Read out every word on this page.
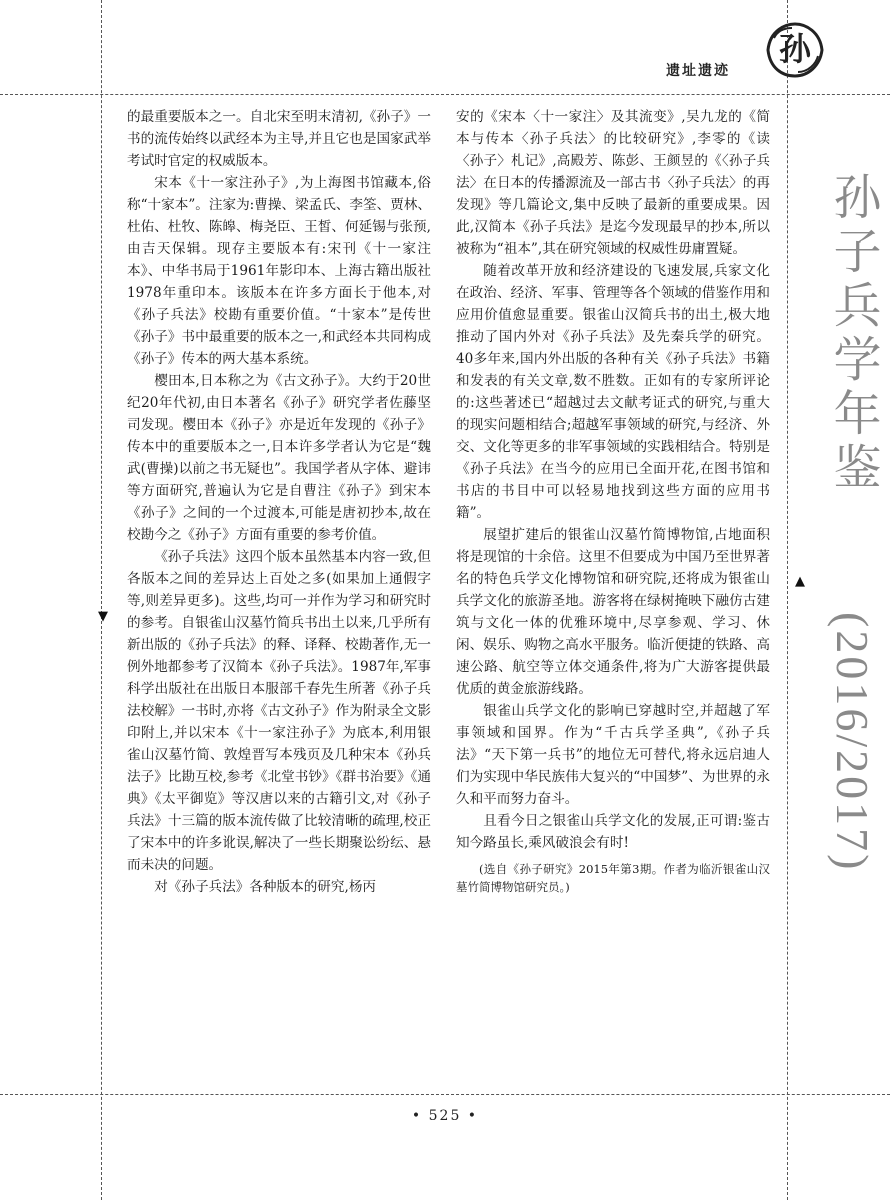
▼
▲
孙
遗址遗迹
孙子兵学年鉴
(2016/2017)

的最重要版本之一。自北宋至明末清初,《孙子》一书的流传始终以武经本为主导,并且它也是国家武举考试时官定的权威版本。

宋本《十一家注孙子》,为上海图书馆藏本,俗称“十家本”。注家为:曹操、梁孟氏、李筌、贾林、杜佑、杜牧、陈皞、梅尧臣、王皙、何延锡与张预,由吉天保辑。现存主要版本有:宋刊《十一家注本》、中华书局于1961年影印本、上海古籍出版社1978年重印本。该版本在许多方面长于他本,对《孙子兵法》校勘有重要价值。“十家本”是传世《孙子》书中最重要的版本之一,和武经本共同构成《孙子》传本的两大基本系统。

樱田本,日本称之为《古文孙子》。大约于20世纪20年代初,由日本著名《孙子》研究学者佐藤坚司发现。樱田本《孙子》亦是近年发现的《孙子》传本中的重要版本之一,日本许多学者认为它是“魏武(曹操)以前之书无疑也”。我国学者从字体、避讳等方面研究,普遍认为它是自曹注《孙子》到宋本《孙子》之间的一个过渡本,可能是唐初抄本,故在校勘今之《孙子》方面有重要的参考价值。

《孙子兵法》这四个版本虽然基本内容一致,但各版本之间的差异达上百处之多(如果加上通假字等,则差异更多)。这些,均可一并作为学习和研究时的参考。自银雀山汉墓竹简兵书出土以来,几乎所有新出版的《孙子兵法》的释、译释、校勘著作,无一例外地都参考了汉简本《孙子兵法》。1987年,军事科学出版社在出版日本服部千春先生所著《孙子兵法校解》一书时,亦将《古文孙子》作为附录全文影印附上,并以宋本《十一家注孙子》为底本,利用银雀山汉墓竹简、敦煌晋写本残页及几种宋本《孙兵法子》比勘互校,参考《北堂书钞》《群书治要》《通典》《太平御览》等汉唐以来的古籍引文,对《孙子兵法》十三篇的版本流传做了比较清晰的疏理,校正了宋本中的许多讹误,解决了一些长期聚讼纷纭、悬而未决的问题。

对《孙子兵法》各种版本的研究,杨丙

安的《宋本〈十一家注〉及其流变》,吴九龙的《简本与传本〈孙子兵法〉的比较研究》,李零的《读〈孙子〉札记》,高殿芳、陈彭、王颜昱的《〈孙子兵法〉在日本的传播源流及一部古书〈孙子兵法〉的再发现》等几篇论文,集中反映了最新的重要成果。因此,汉简本《孙子兵法》是迄今发现最早的抄本,所以被称为“祖本”,其在研究领域的权威性毋庸置疑。

随着改革开放和经济建设的飞速发展,兵家文化在政治、经济、军事、管理等各个领域的借鉴作用和应用价值愈显重要。银雀山汉简兵书的出土,极大地推动了国内外对《孙子兵法》及先秦兵学的研究。40多年来,国内外出版的各种有关《孙子兵法》书籍和发表的有关文章,数不胜数。正如有的专家所评论的:这些著述已“超越过去文献考证式的研究,与重大的现实问题相结合;超越军事领域的研究,与经济、外交、文化等更多的非军事领域的实践相结合。特别是《孙子兵法》在当今的应用已全面开花,在图书馆和书店的书目中可以轻易地找到这些方面的应用书籍”。

展望扩建后的银雀山汉墓竹简博物馆,占地面积将是现馆的十余倍。这里不但要成为中国乃至世界著名的特色兵学文化博物馆和研究院,还将成为银雀山兵学文化的旅游圣地。游客将在绿树掩映下融仿古建筑与文化一体的优雅环境中,尽享参观、学习、休闲、娱乐、购物之高水平服务。临沂便捷的铁路、高速公路、航空等立体交通条件,将为广大游客提供最优质的黄金旅游线路。

银雀山兵学文化的影响已穿越时空,并超越了军事领域和国界。作为“千古兵学圣典”,《孙子兵法》“天下第一兵书”的地位无可替代,将永远启迪人们为实现中华民族伟大复兴的“中国梦”、为世界的永久和平而努力奋斗。

且看今日之银雀山兵学文化的发展,正可谓:鉴古知今路虽长,乘风破浪会有时!

(选自《孙子研究》2015年第3期。作者为临沂银雀山汉墓竹简博物馆研究员。)

• 525 •
